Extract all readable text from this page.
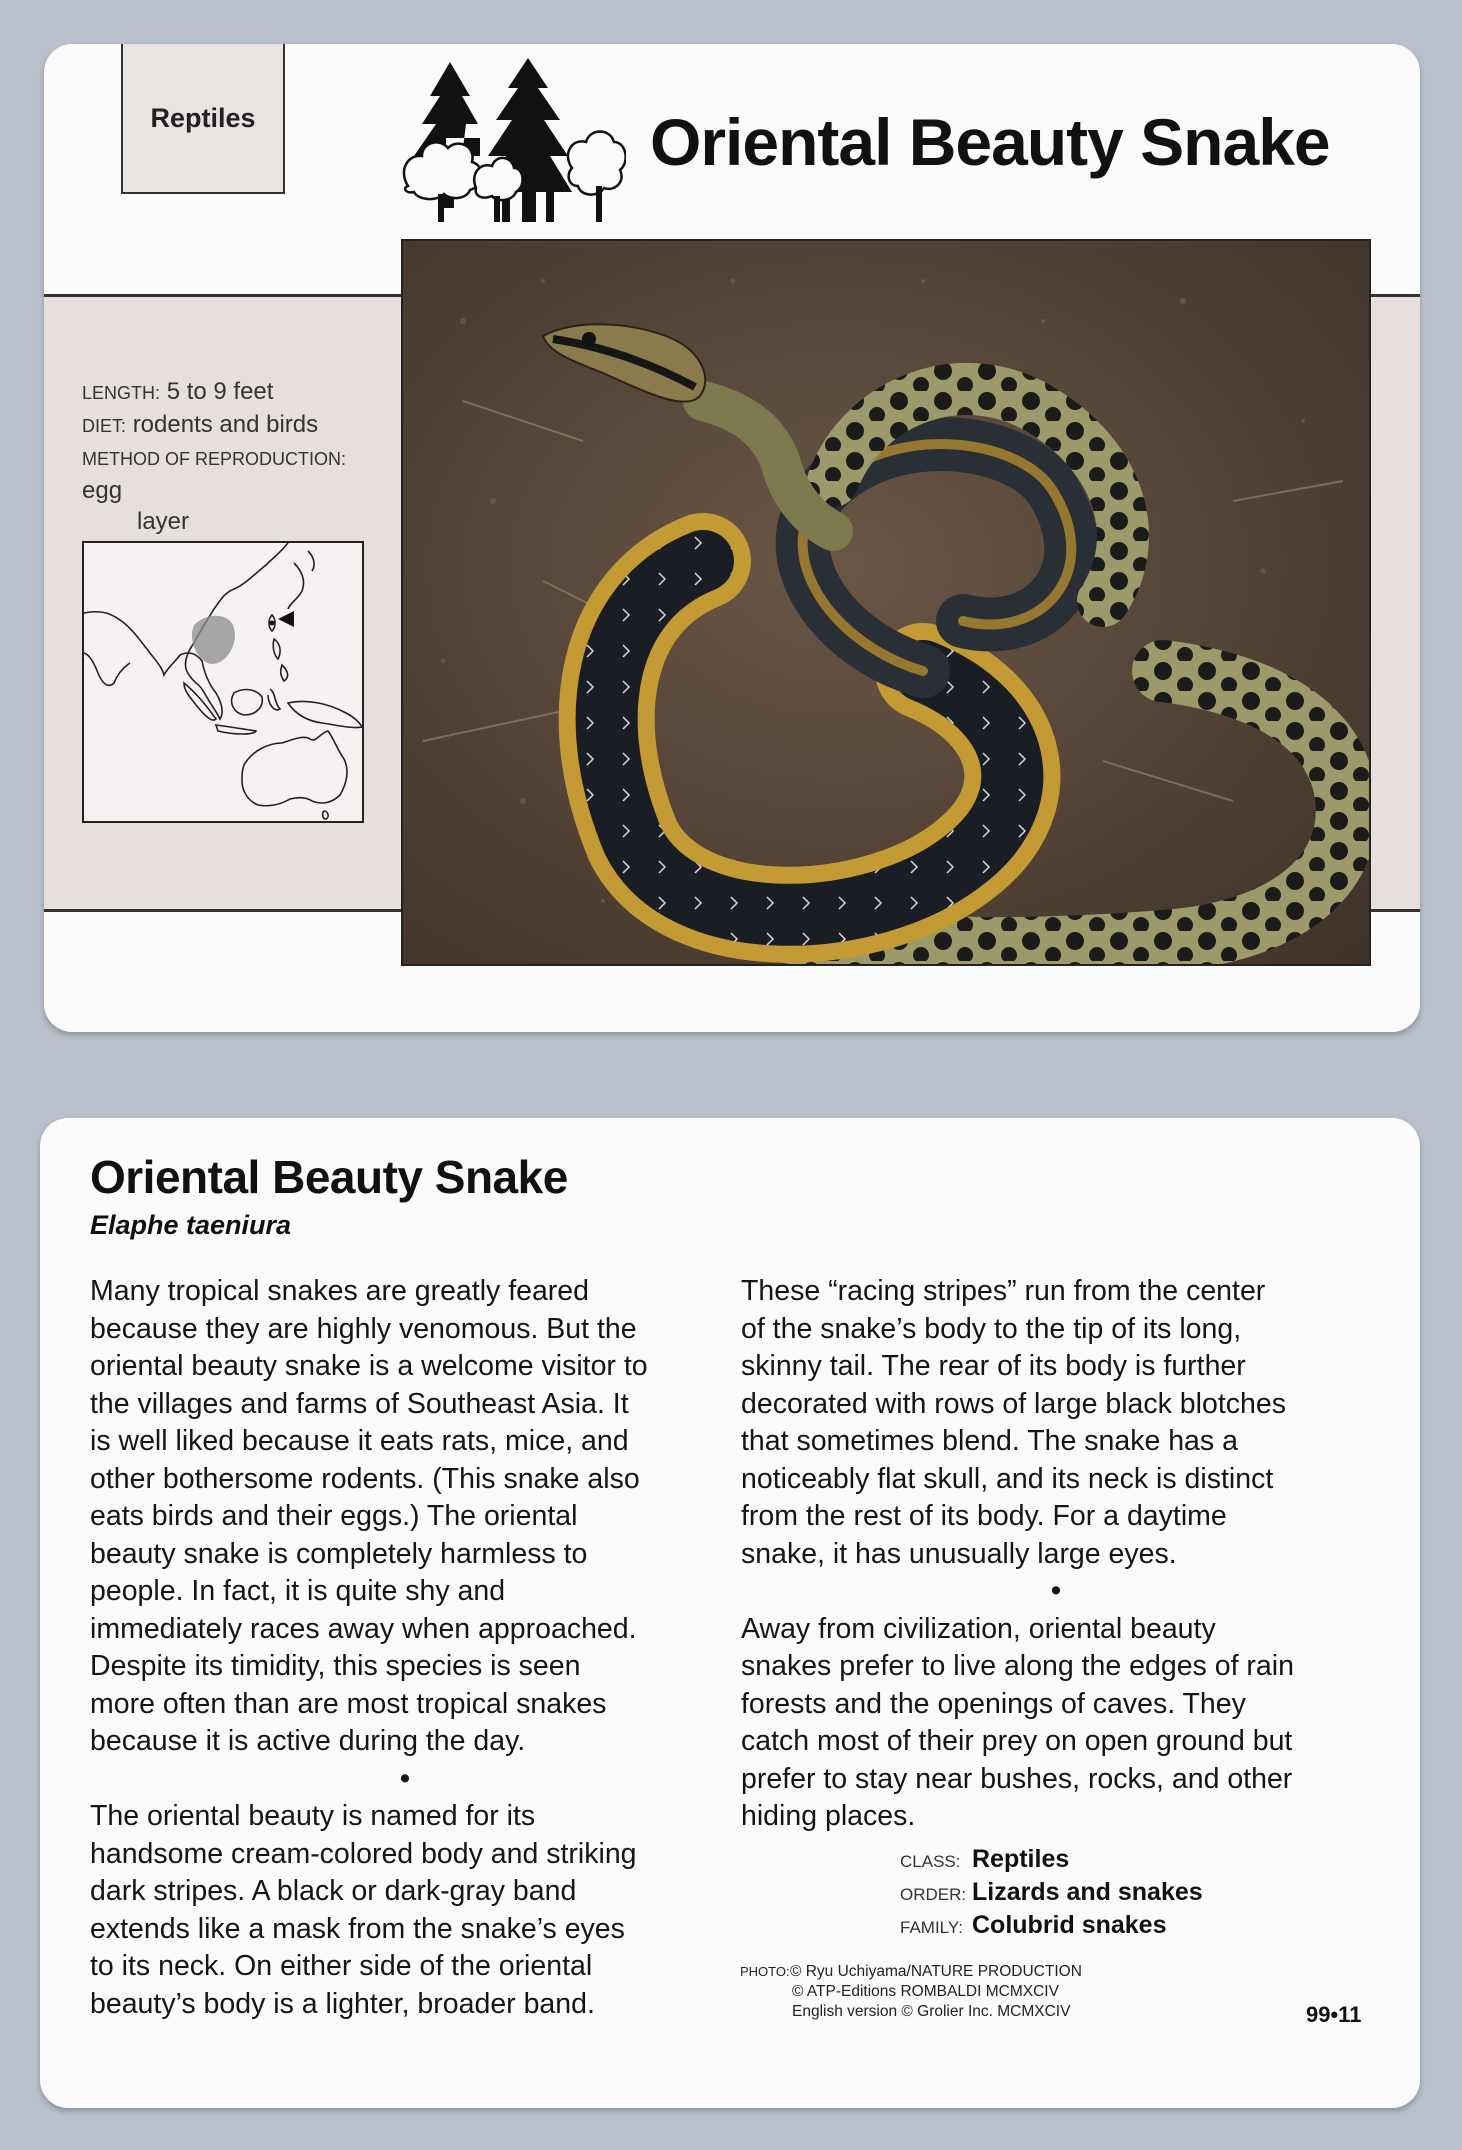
Reptiles	Oriental Beauty Snake
LENGTH: 5 to 9 feet
DIET: rodents and birds
METHOD OF REPRODUCTION: egg
layer
Oriental Beauty Snake
Elaphe taeniura

Many tropical snakes are greatly feared

because they are highly venomous. But the

oriental beauty snake is a welcome visitor to

the villages and farms of Southeast Asia. It

is well liked because it eats rats, mice, and

other bothersome rodents. (This snake also

eats birds and their eggs.) The oriental

beauty snake is completely harmless to

people. In fact, it is quite shy and

immediately races away when approached.

Despite its timidity, this species is seen

more often than are most tropical snakes

because it is active during the day.

•

The oriental beauty is named for its

handsome cream-colored body and striking

dark stripes. A black or dark-gray band

extends like a mask from the snake’s eyes

to its neck. On either side of the oriental

beauty’s body is a lighter, broader band.

These “racing stripes” run from the center

of the snake’s body to the tip of its long,

skinny tail. The rear of its body is further

decorated with rows of large black blotches

that sometimes blend. The snake has a

noticeably flat skull, and its neck is distinct

from the rest of its body. For a daytime

snake, it has unusually large eyes.

•

Away from civilization, oriental beauty

snakes prefer to live along the edges of rain

forests and the openings of caves. They

catch most of their prey on open ground but

prefer to stay near bushes, rocks, and other

hiding places.

CLASS: Reptiles
ORDER: Lizards and snakes
FAMILY: Colubrid snakes
PHOTO:© Ryu Uchiyama/NATURE PRODUCTION
© ATP-Editions ROMBALDI MCMXCIV
English version © Grolier Inc. MCMXCIV	99•11
